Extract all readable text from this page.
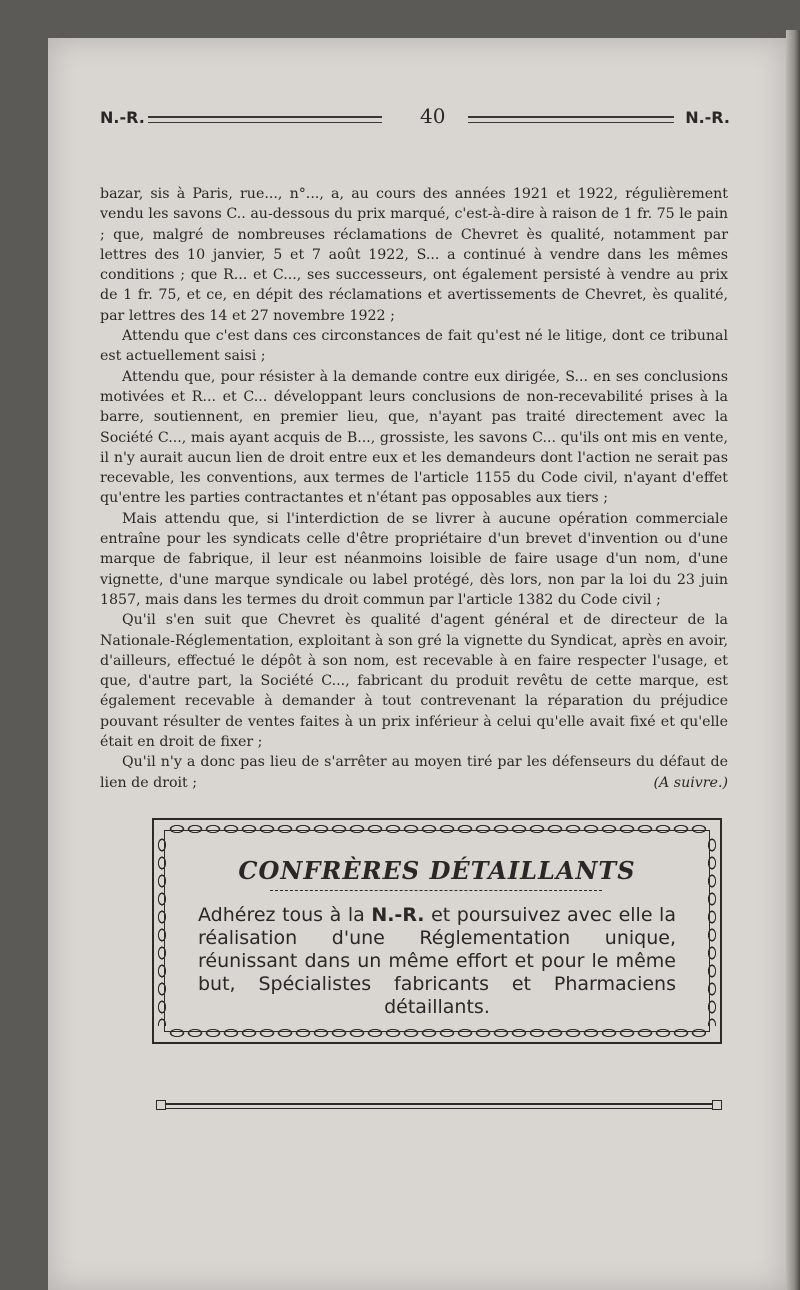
N.-R.	40	N.-R.

bazar, sis à Paris, rue..., n°..., a, au cours des années 1921 et 1922, régulièrement vendu les savons C.. au-dessous du prix marqué, c'est-à-dire à raison de 1 fr. 75 le pain ; que, malgré de nombreuses réclamations de Chevret ès qualité, notamment par lettres des 10 janvier, 5 et 7 août 1922, S... a continué à vendre dans les mêmes conditions ; que R... et C..., ses successeurs, ont également persisté à vendre au prix de 1 fr. 75, et ce, en dépit des réclamations et avertissements de Chevret, ès qualité, par lettres des 14 et 27 novembre 1922 ;

Attendu que c'est dans ces circonstances de fait qu'est né le litige, dont ce tribunal est actuellement saisi ;

Attendu que, pour résister à la demande contre eux dirigée, S... en ses conclusions motivées et R... et C... développant leurs conclusions de non-recevabilité prises à la barre, soutiennent, en premier lieu, que, n'ayant pas traité directement avec la Société C..., mais ayant acquis de B..., grossiste, les savons C... qu'ils ont mis en vente, il n'y aurait aucun lien de droit entre eux et les demandeurs dont l'action ne serait pas recevable, les conventions, aux termes de l'article 1155 du Code civil, n'ayant d'effet qu'entre les parties contractantes et n'étant pas opposables aux tiers ;

Mais attendu que, si l'interdiction de se livrer à aucune opération commerciale entraîne pour les syndicats celle d'être propriétaire d'un brevet d'invention ou d'une marque de fabrique, il leur est néanmoins loisible de faire usage d'un nom, d'une vignette, d'une marque syndicale ou label protégé, dès lors, non par la loi du 23 juin 1857, mais dans les termes du droit commun par l'article 1382 du Code civil ;

Qu'il s'en suit que Chevret ès qualité d'agent général et de directeur de la Nationale-Réglementation, exploitant à son gré la vignette du Syndicat, après en avoir, d'ailleurs, effectué le dépôt à son nom, est recevable à en faire respecter l'usage, et que, d'autre part, la Société C..., fabricant du produit revêtu de cette marque, est également recevable à demander à tout contrevenant la réparation du préjudice pouvant résulter de ventes faites à un prix inférieur à celui qu'elle avait fixé et qu'elle était en droit de fixer ;

Qu'il n'y a donc pas lieu de s'arrêter au moyen tiré par les défenseurs du défaut de lien de droit ;	(A suivre.)

CONFRÈRES DÉTAILLANTS
Adhérez tous à la N.-R. et poursuivez avec elle la réalisation d'une Réglementation unique, réunissant dans un même effort et pour le même but, Spécialistes fabricants et Pharmaciens détaillants.
